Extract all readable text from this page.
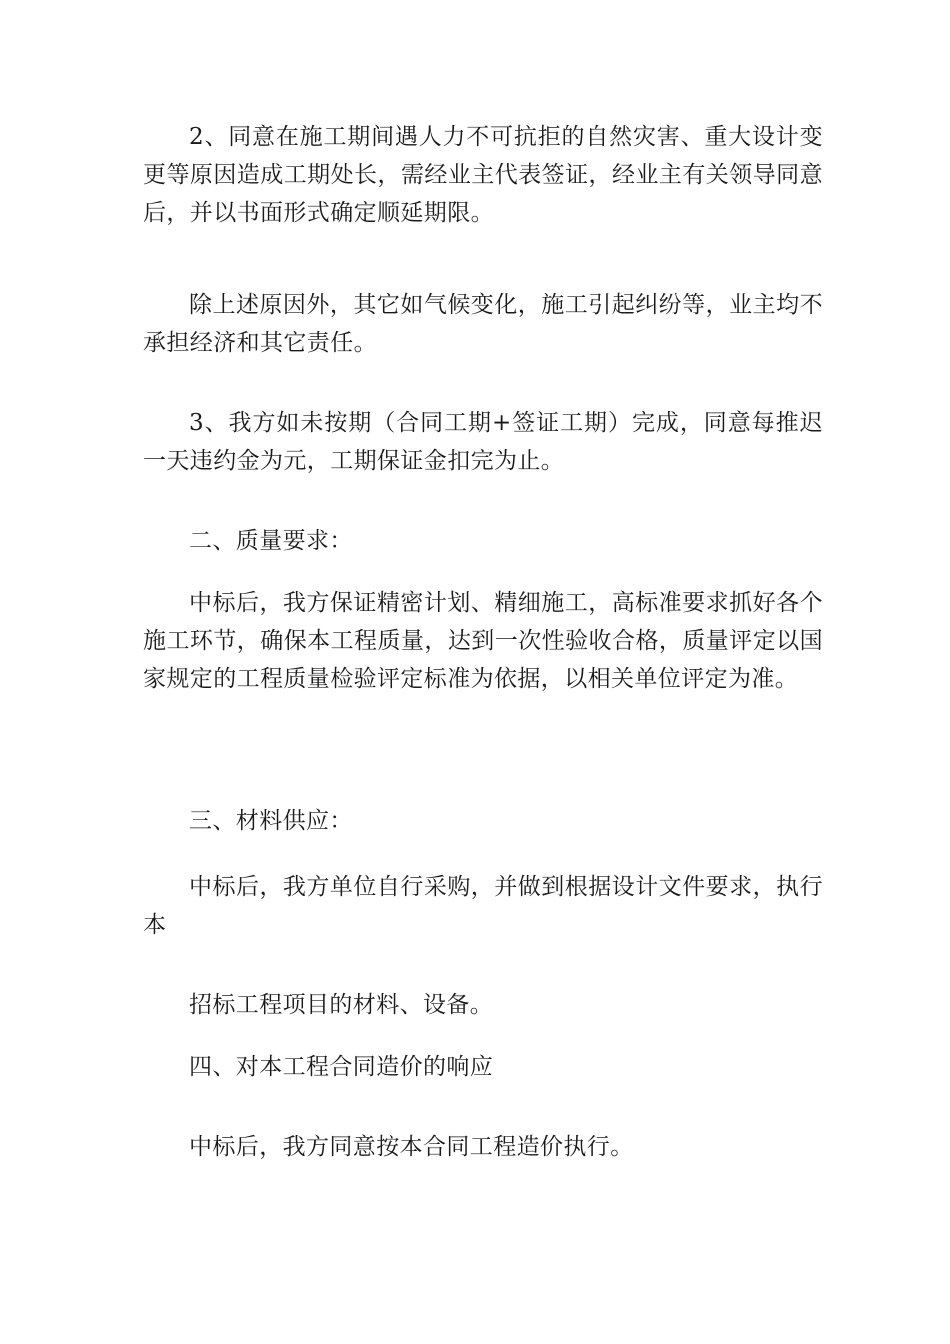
2、同意在施工期间遇人力不可抗拒的自然灾害、重大设计变更等原因造成工期处长，需经业主代表签证，经业主有关领导同意后，并以书面形式确定顺延期限。

除上述原因外，其它如气候变化，施工引起纠纷等，业主均不承担经济和其它责任。

3、我方如未按期（合同工期+签证工期）完成，同意每推迟一天违约金为元，工期保证金扣完为止。

二、质量要求：

中标后，我方保证精密计划、精细施工，高标准要求抓好各个施工环节，确保本工程质量，达到一次性验收合格，质量评定以国家规定的工程质量检验评定标准为依据，以相关单位评定为准。

三、材料供应：

中标后，我方单位自行采购，并做到根据设计文件要求，执行本

招标工程项目的材料、设备。

四、对本工程合同造价的响应

中标后，我方同意按本合同工程造价执行。
